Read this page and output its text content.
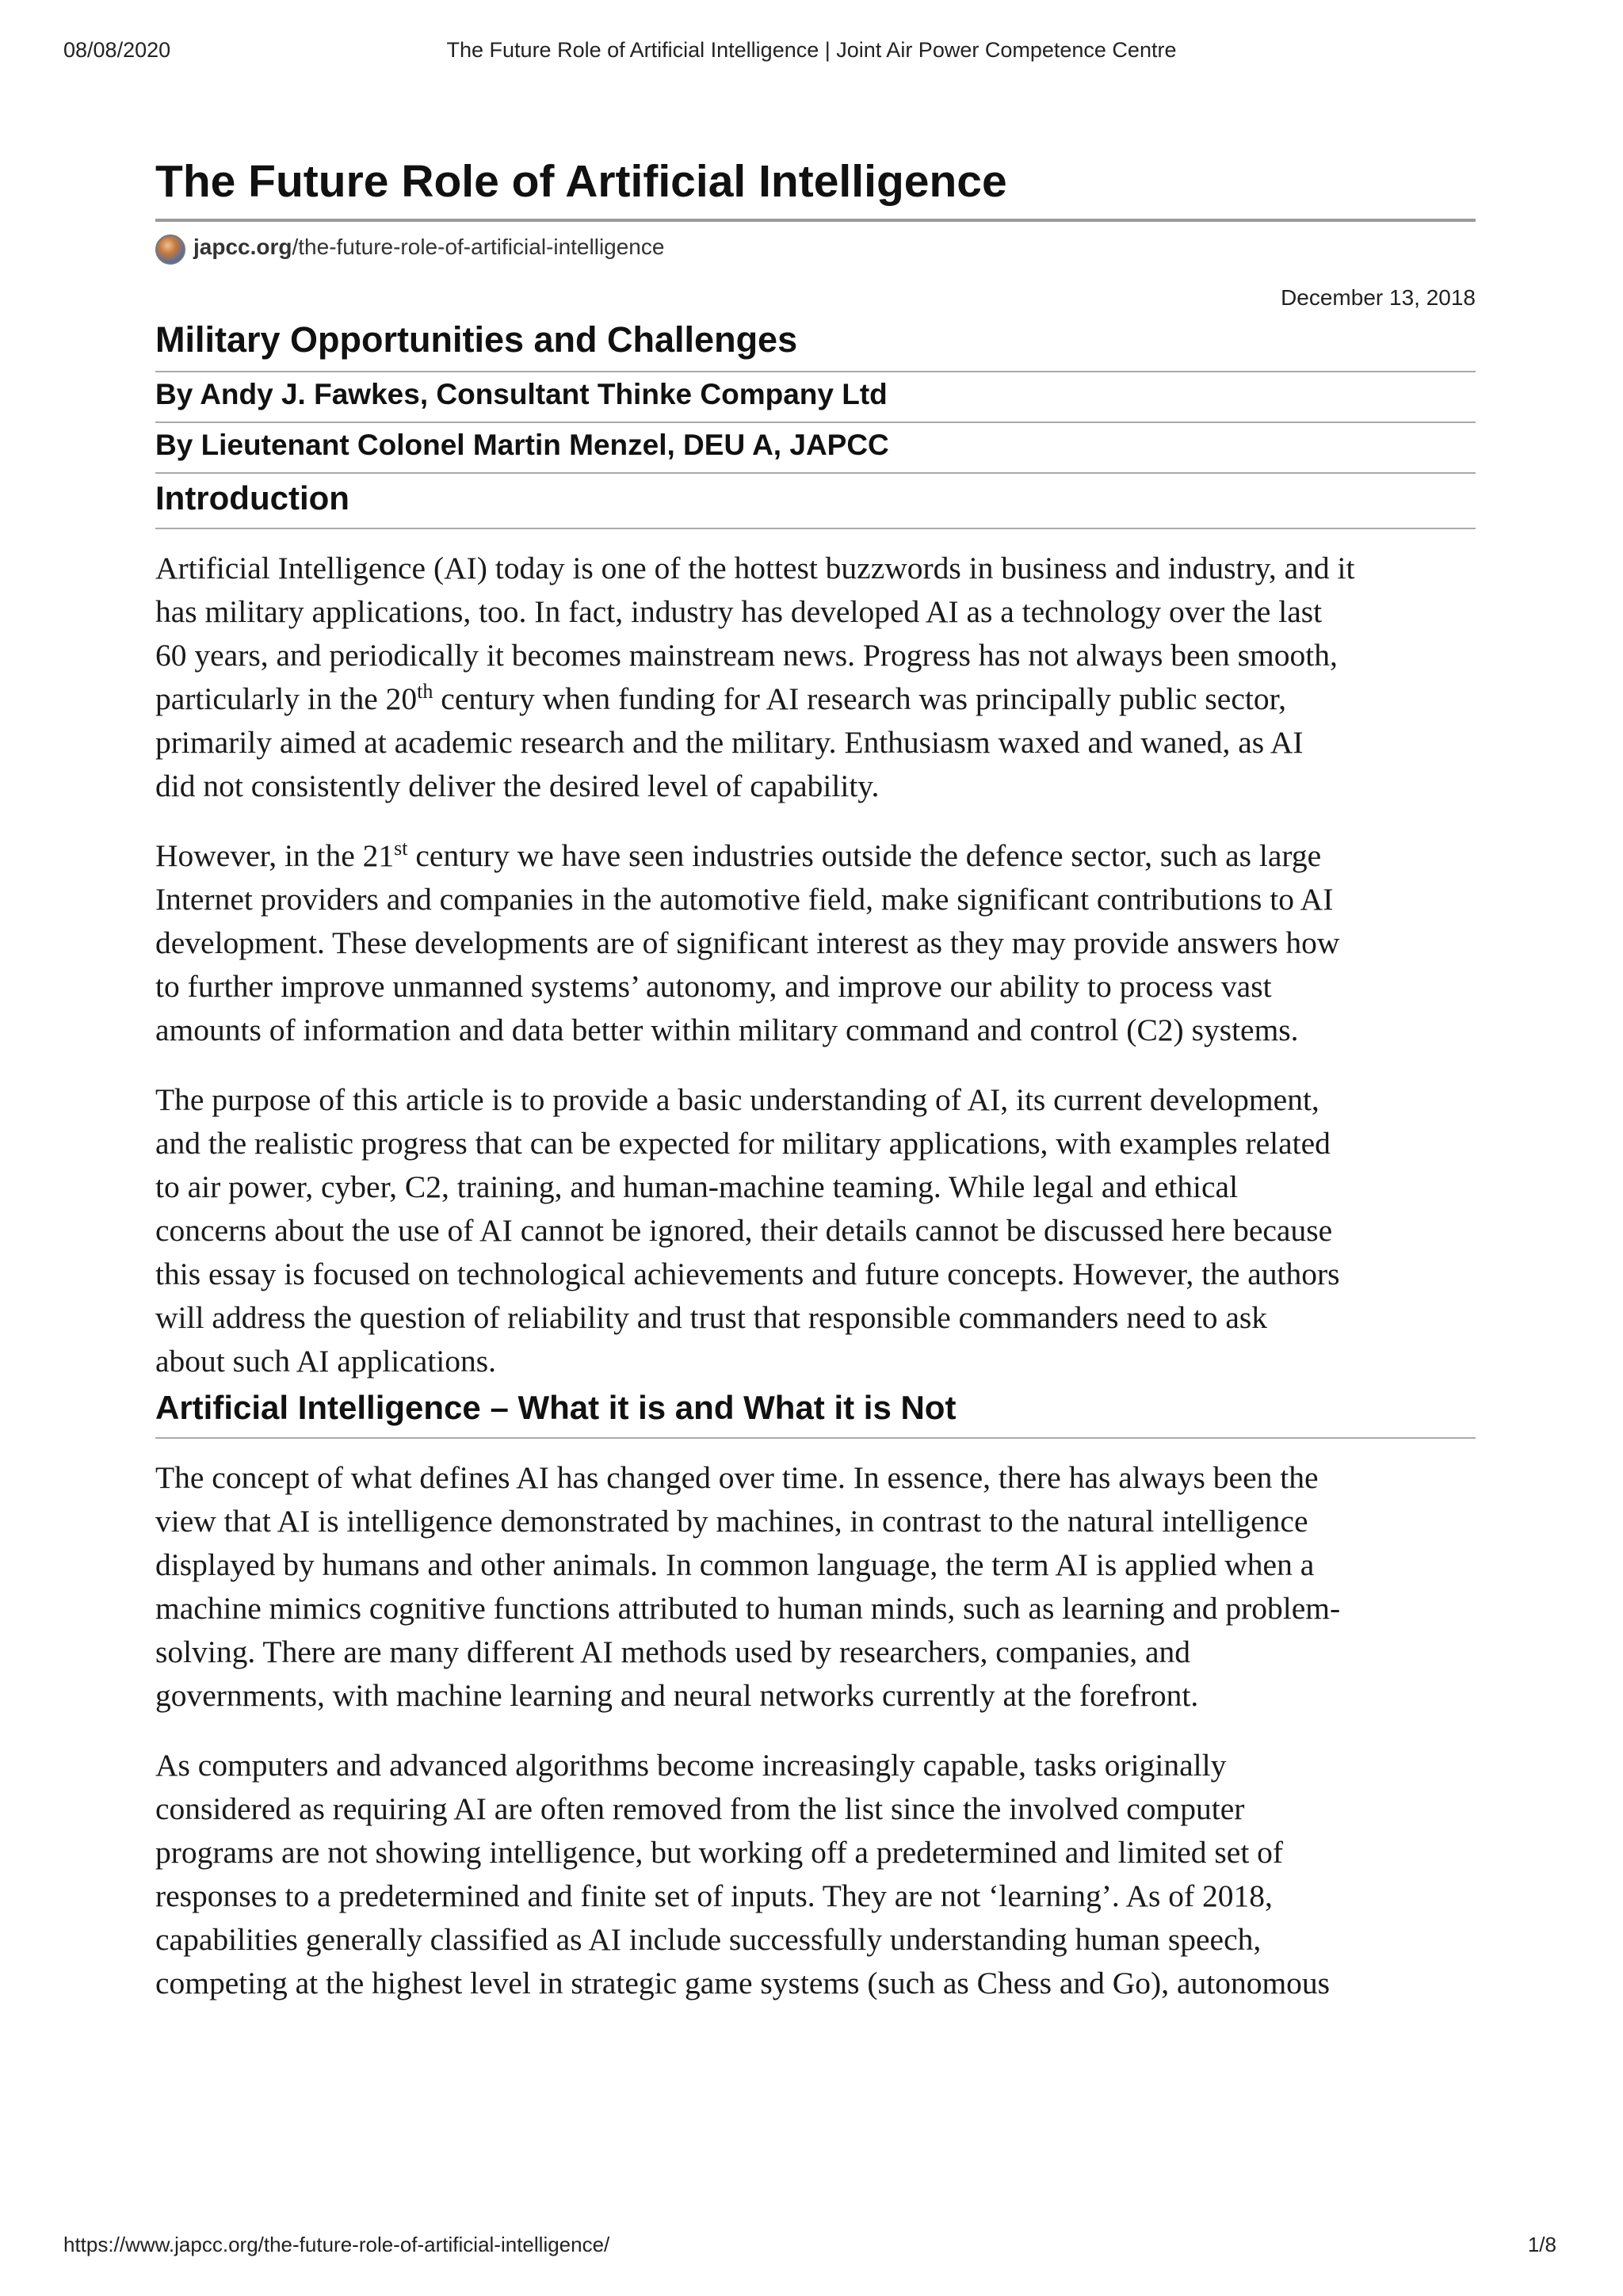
08/08/2020	The Future Role of Artificial Intelligence | Joint Air Power Competence Centre
The Future Role of Artificial Intelligence
japcc.org/the-future-role-of-artificial-intelligence
December 13, 2018
Military Opportunities and Challenges
By Andy J. Fawkes, Consultant Thinke Company Ltd
By Lieutenant Colonel Martin Menzel, DEU A, JAPCC
Introduction

Artificial Intelligence (AI) today is one of the hottest buzzwords in business and industry, and it
has military applications, too. In fact, industry has developed AI as a technology over the last
60 years, and periodically it becomes mainstream news. Progress has not always been smooth,
particularly in the 20th century when funding for AI research was principally public sector,
primarily aimed at academic research and the military. Enthusiasm waxed and waned, as AI
did not consistently deliver the desired level of capability.

However, in the 21st century we have seen industries outside the defence sector, such as large
Internet providers and companies in the automotive field, make significant contributions to AI
development. These developments are of significant interest as they may provide answers how
to further improve unmanned systems’ autonomy, and improve our ability to process vast
amounts of information and data better within military command and control (C2) systems.

The purpose of this article is to provide a basic understanding of AI, its current development,
and the realistic progress that can be expected for military applications, with examples related
to air power, cyber, C2, training, and human-machine teaming. While legal and ethical
concerns about the use of AI cannot be ignored, their details cannot be discussed here because
this essay is focused on technological achievements and future concepts. However, the authors
will address the question of reliability and trust that responsible commanders need to ask
about such AI applications.

Artificial Intelligence – What it is and What it is Not

The concept of what defines AI has changed over time. In essence, there has always been the
view that AI is intelligence demonstrated by machines, in contrast to the natural intelligence
displayed by humans and other animals. In common language, the term AI is applied when a
machine mimics cognitive functions attributed to human minds, such as learning and problem-
solving. There are many different AI methods used by researchers, companies, and
governments, with machine learning and neural networks currently at the forefront.

As computers and advanced algorithms become increasingly capable, tasks originally
considered as requiring AI are often removed from the list since the involved computer
programs are not showing intelligence, but working off a predetermined and limited set of
responses to a predetermined and finite set of inputs. They are not ‘learning’. As of 2018,
capabilities generally classified as AI include successfully understanding human speech,
competing at the highest level in strategic game systems (such as Chess and Go), autonomous

https://www.japcc.org/the-future-role-of-artificial-intelligence/	1/8
